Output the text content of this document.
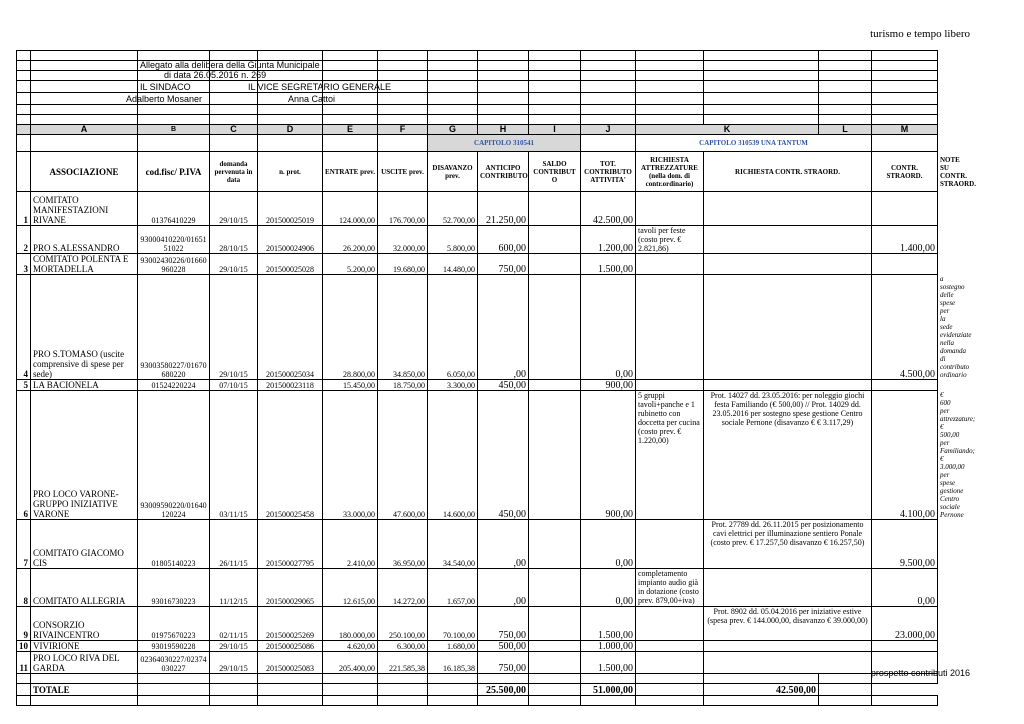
turismo e tempo libero

		Allegato alla delibera della Giunta Municipale													

		di data 26.05.2016 n. 269													

		IL SINDACO		IL VICE SEGRETARIO GENERALE											

		Adalberto Mosaner		Anna Cattoi											

	A	B	C	D	E	F	G	H	I	J	K		L	M	
							CAPITOLO 310541				CAPITOLO 310539 UNA TANTUM				
	ASSOCIAZIONE	cod.fisc/ P.IVA	domanda pervenuta in data	n. prot.	ENTRATE prev.	USCITE prev.	DISAVANZO prev.	ANTICIPO CONTRIBUTO	SALDO CONTRIBUT O	TOT. CONTRIBUTO ATTIVITA'	RICHIESTA ATTREZZATURE (nella dom. di contr.ordinario)	RICHIESTA CONTR. STRAORD.		CONTR. STRAORD.	NOTE SU CONTR. STRAORD.
1	COMITATO MANIFESTAZIONI RIVANE	01376410229	29/10/15	201500025019	124.000,00	176.700,00	52.700,00	21.250,00		42.500,00					
2	PRO S.ALESSANDRO	93000410220/01651 51022	28/10/15	201500024906	26.200,00	32.000,00	5.800,00	600,00		1.200,00	tavoli per feste (costo prev. € 2.821,86)			1.400,00	
3	COMITATO POLENTA E MORTADELLA	93002430226/01660 960228	29/10/15	201500025028	5.200,00	19.680,00	14.480,00	750,00		1.500,00					
4	PRO S.TOMASO (uscite comprensive di spese per sede)	93003580227/01670 680220	29/10/15	201500025034	28.800,00	34.850,00	6.050,00	,00		0,00				4.500,00	a sostegno delle spese per la sede evidenziate nella domanda di contributo ordinario
5	LA BACIONELA	01524220224	07/10/15	201500023118	15.450,00	18.750,00	3.300,00	450,00		900,00					
6	PRO LOCO VARONE-GRUPPO INIZIATIVE VARONE	93009590220/01640 120224	03/11/15	201500025458	33.000,00	47.600,00	14.600,00	450,00		900,00	5 gruppi tavoli+panche e 1 rubinetto con doccetta per cucina (costo prev. € 1.220,00)	Prot. 14027 dd. 23.05.2016: per noleggio giochi festa Familiando (€ 500,00) // Prot. 14029 dd. 23.05.2016 per sostegno spese gestione Centro sociale Pernone (disavanzo € € 3.117,29)		4.100,00	€ 600 per attrezzature; € 500,00 per Familiando; € 3.000,00 per spese gestione Centro sociale Pernone
7	COMITATO GIACOMO CIS	01805140223	26/11/15	201500027795	2.410,00	36.950,00	34.540,00	,00		0,00		Prot. 27789 dd. 26.11.2015 per posizionamento cavi elettrici per illuminazione sentiero Ponale (costo prev. € 17.257,50 disavanzo € 16.257,50)		9.500,00	
8	COMITATO ALLEGRIA	93016730223	11/12/15	201500029065	12.615,00	14.272,00	1.657,00	,00		0,00	completamento impianto audio già in dotazione (costo prev. 879,00+iva)			0,00	
9	CONSORZIO RIVAINCENTRO	01975670223	02/11/15	201500025269	180.000,00	250.100,00	70.100,00	750,00		1.500,00		Prot. 8902 dd. 05.04.2016 per iniziative estive (spesa prev. € 144.000,00, disavanzo € 39.000,00)		23.000,00	
10	VIVIRIONE	93019590228	29/10/15	201500025086	4.620,00	6.300,00	1.680,00	500,00		1.000,00					
11	PRO LOCO RIVA DEL GARDA	02364030227/02374 030227	29/10/15	201500025083	205.400,00	221.585,38	16.185,38	750,00		1.500,00					

	TOTALE							25.500,00		51.000,00		42.500,00			

prospetto contributi 2016
